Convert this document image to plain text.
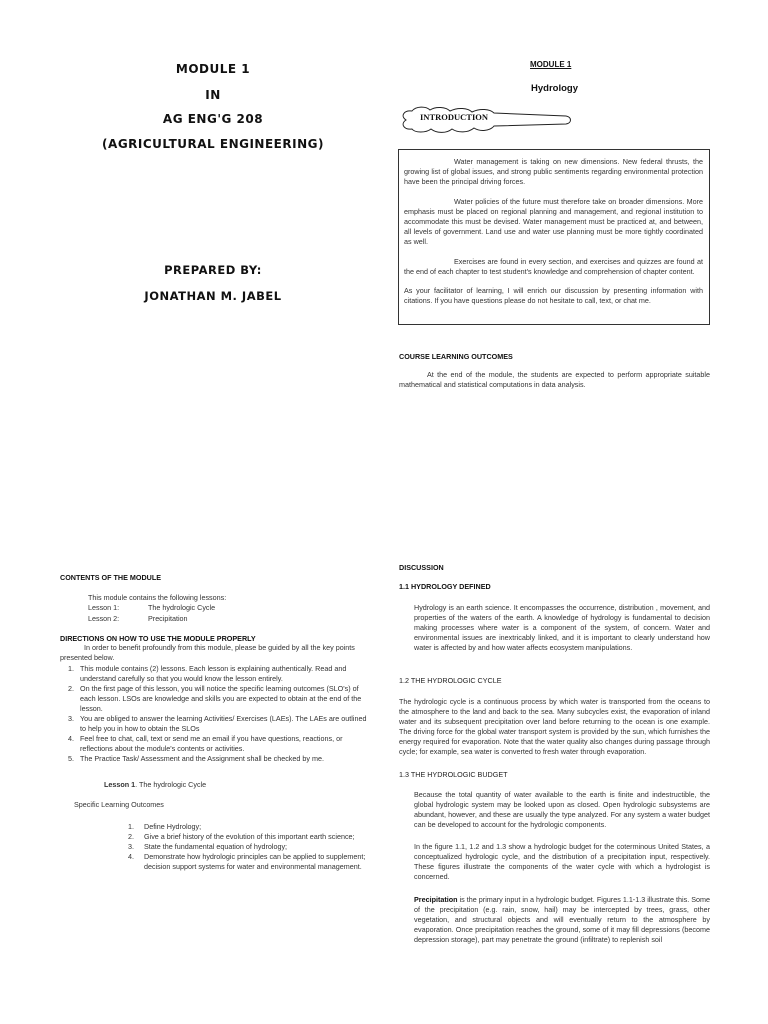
MODULE 1
IN
AG ENG'G 208
(AGRICULTURAL ENGINEERING)
PREPARED BY:
JONATHAN M. JABEL
MODULE 1
Hydrology
INTRODUCTION

Water management is taking on new dimensions. New federal thrusts, the growing list of global issues, and strong public sentiments regarding environmental protection have been the principal driving forces.

Water policies of the future must therefore take on broader dimensions. More emphasis must be placed on regional planning and management, and regional institution to accommodate this must be devised. Water management must be practiced at, and between, all levels of government. Land use and water use planning must be more tightly coordinated as well.

Exercises are found in every section, and exercises and quizzes are found at the end of each chapter to test student's knowledge and comprehension of chapter content.

As your facilitator of learning, I will enrich our discussion by presenting information with citations. If you have questions please do not hesitate to call, text, or chat me.

COURSE LEARNING OUTCOMES

At the end of the module, the students are expected to perform appropriate suitable mathematical and statistical computations in data analysis.

CONTENTS OF THE MODULE
This module contains the following lessons:
Lesson 1:	The hydrologic Cycle
Lesson 2:	Precipitation
DIRECTIONS ON HOW TO USE THE MODULE PROPERLY

In order to benefit profoundly from this module, please be guided by all the key points presented below.

1. This module contains (2) lessons. Each lesson is explaining authentically. Read and understand carefully so that you would know the lesson entirely.
2. On the first page of this lesson, you will notice the specific learning outcomes (SLO's) of each lesson. LSOs are knowledge and skills you are expected to obtain at the end of the lesson.
3. You are obliged to answer the learning Activities/ Exercises (LAEs). The LAEs are outlined to help you in how to obtain the SLOs
4. Feel free to chat, call, text or send me an email if you have questions, reactions, or reflections about the module's contents or activities.
5. The Practice Task/ Assessment and the Assignment shall be checked by me.
Lesson 1. The hydrologic Cycle
Specific Learning Outcomes
1. Define Hydrology;
2. Give a brief history of the evolution of this important earth science;
3. State the fundamental equation of hydrology;
4. Demonstrate how hydrologic principles can be applied to supplement; decision support systems for water and environmental management.
DISCUSSION
1.1 HYDROLOGY DEFINED

Hydrology is an earth science. It encompasses the occurrence, distribution , movement, and properties of the waters of the earth. A knowledge of hydrology is fundamental to decision making processes where water is a component of the system, of concern. Water and environmental issues are inextricably linked, and it is important to clearly understand how water is affected by and how water affects ecosystem manipulations.

1.2 THE HYDROLOGIC CYCLE

The hydrologic cycle is a continuous process by which water is transported from the oceans to the atmosphere to the land and back to the sea. Many subcycles exist, the evaporation of inland water and its subsequent precipitation over land before returning to the ocean is one example. The driving force for the global water transport system is provided by the sun, which furnishes the energy required for evaporation. Note that the water quality also changes during passage through cycle; for example, sea water is converted to fresh water through evaporation.

1.3 THE HYDROLOGIC BUDGET

Because the total quantity of water available to the earth is finite and indestructible, the global hydrologic system may be looked upon as closed. Open hydrologic subsystems are abundant, however, and these are usually the type analyzed. For any system a water budget can be developed to account for the hydrologic components.

In the figure 1.1, 1.2 and 1.3 show a hydrologic budget for the coterminous United States, a conceptualized hydrologic cycle, and the distribution of a precipitation input, respectively. These figures illustrate the components of the water cycle with which a hydrologist is concerned.

Precipitation is the primary input in a hydrologic budget. Figures 1.1-1.3 illustrate this. Some of the precipitation (e.g. rain, snow, hail) may be intercepted by trees, grass, other vegetation, and structural objects and will eventually return to the atmosphere by evaporation. Once precipitation reaches the ground, some of it may fill depressions (become depression storage), part may penetrate the ground (infiltrate) to replenish soil
